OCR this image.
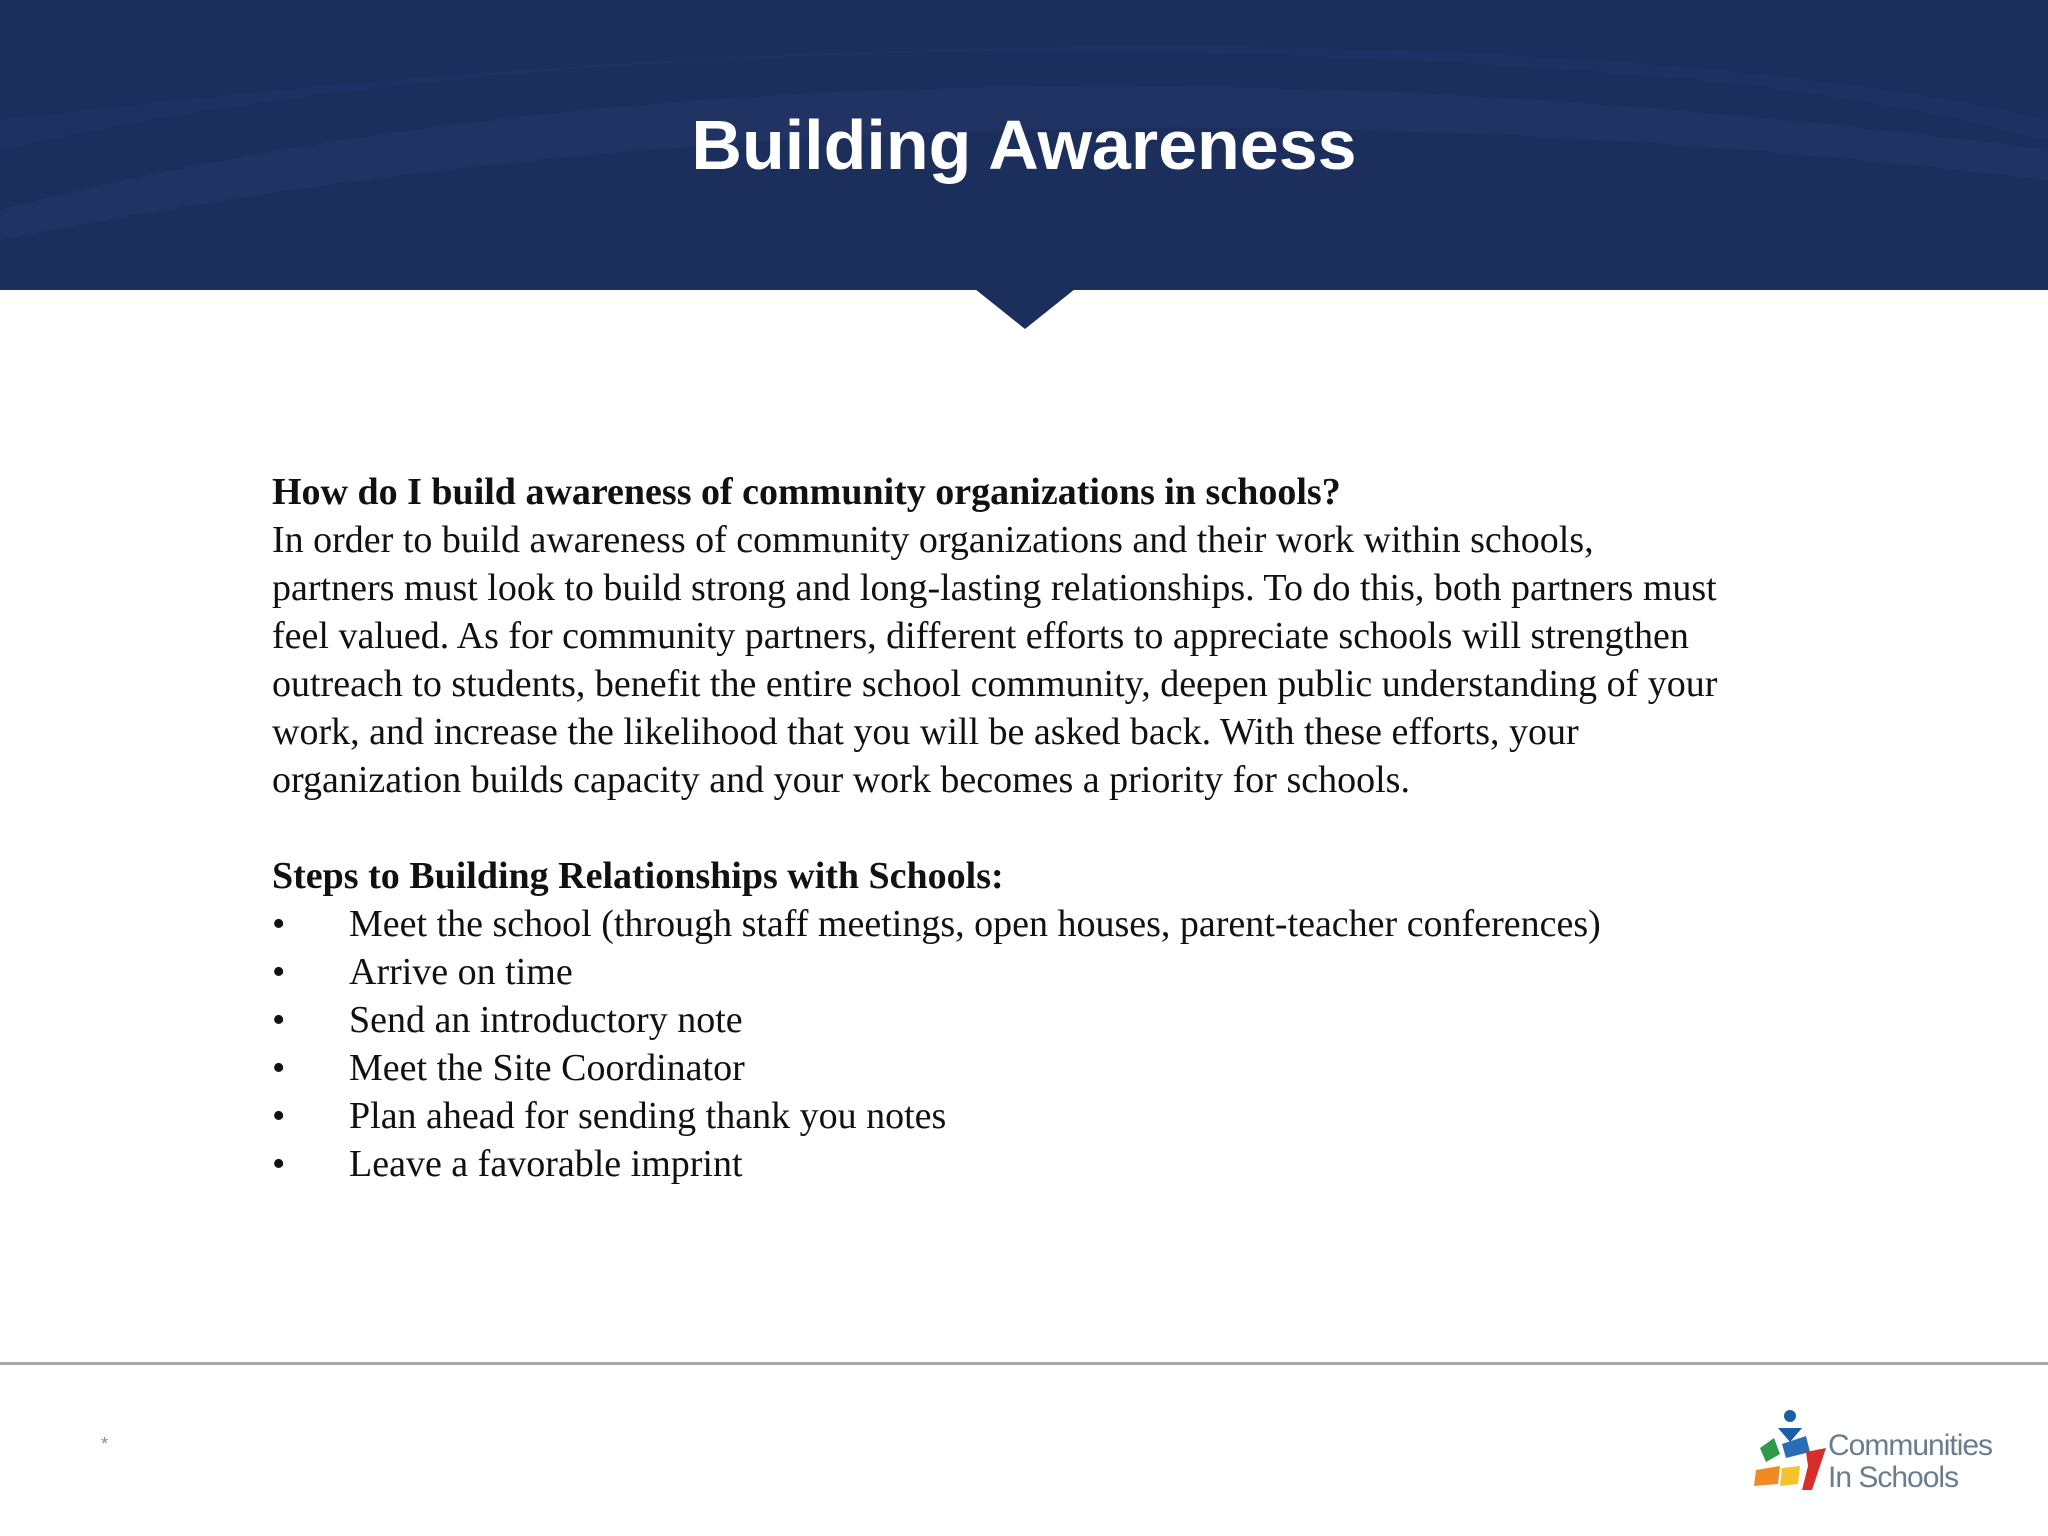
Building Awareness

How do I build awareness of community organizations in schools?

In order to build awareness of community organizations and their work within schools,
partners must look to build strong and long-lasting relationships. To do this, both partners must
feel valued. As for community partners, different efforts to appreciate schools will strengthen
outreach to students, benefit the entire school community, deepen public understanding of your
work, and increase the likelihood that you will be asked back. With these efforts, your
organization builds capacity and your work becomes a priority for schools.

Steps to Building Relationships with Schools:

• Meet the school (through staff meetings, open houses, parent-teacher conferences)
• Arrive on time
• Send an introductory note
• Meet the Site Coordinator
• Plan ahead for sending thank you notes
• Leave a favorable imprint
*	Communities
In Schools
